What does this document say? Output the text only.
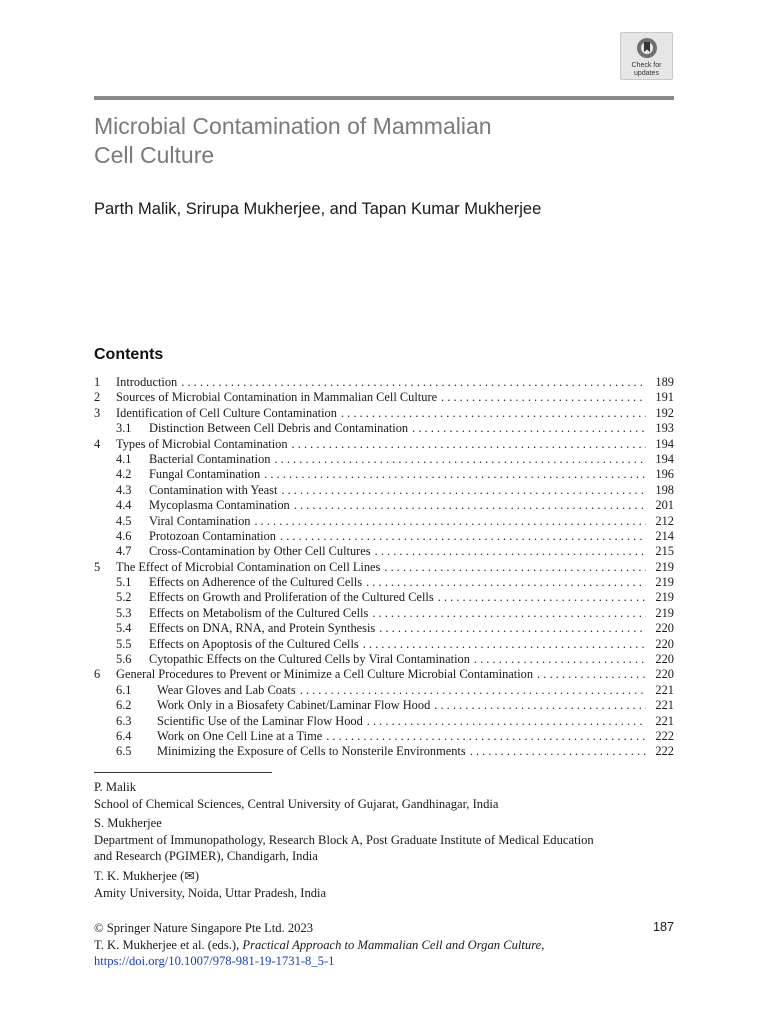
Check for
updates
Microbial Contamination of Mammalian
Cell Culture
Parth Malik, Srirupa Mukherjee, and Tapan Kumar Mukherjee
Contents
1	Introduction . . .	189
2	Sources of Microbial Contamination in Mammalian Cell Culture . . .	191
3	Identification of Cell Culture Contamination . . .	192
3.1	Distinction Between Cell Debris and Contamination . . .	193
4	Types of Microbial Contamination . . .	194
4.1	Bacterial Contamination . . .	194
4.2	Fungal Contamination . . .	196
4.3	Contamination with Yeast . . .	198
4.4	Mycoplasma Contamination . . .	201
4.5	Viral Contamination . . .	212
4.6	Protozoan Contamination . . .	214
4.7	Cross-Contamination by Other Cell Cultures . . .	215
5	The Effect of Microbial Contamination on Cell Lines . . .	219
5.1	Effects on Adherence of the Cultured Cells . . .	219
5.2	Effects on Growth and Proliferation of the Cultured Cells . . .	219
5.3	Effects on Metabolism of the Cultured Cells . . .	219
5.4	Effects on DNA, RNA, and Protein Synthesis . . .	220
5.5	Effects on Apoptosis of the Cultured Cells . . .	220
5.6	Cytopathic Effects on the Cultured Cells by Viral Contamination . . .	220
6	General Procedures to Prevent or Minimize a Cell Culture Microbial Contamination . . .	220
6.1	Wear Gloves and Lab Coats . . .	221
6.2	Work Only in a Biosafety Cabinet/Laminar Flow Hood . . .	221
6.3	Scientific Use of the Laminar Flow Hood . . .	221
6.4	Work on One Cell Line at a Time . . .	222
6.5	Minimizing the Exposure of Cells to Nonsterile Environments . . .	222

P. Malik

School of Chemical Sciences, Central University of Gujarat, Gandhinagar, India

S. Mukherjee

Department of Immunopathology, Research Block A, Post Graduate Institute of Medical Education

and Research (PGIMER), Chandigarh, India

T. K. Mukherjee (✉)

Amity University, Noida, Uttar Pradesh, India

© Springer Nature Singapore Pte Ltd. 2023

T. K. Mukherjee et al. (eds.), Practical Approach to Mammalian Cell and Organ Culture,

https://doi.org/10.1007/978-981-19-1731-8_5-1

187
